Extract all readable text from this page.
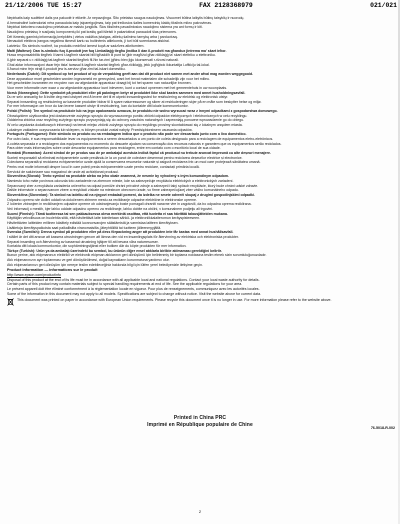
21/12/2006 TUE 15:27	FAX 2128368979	021/021
Nepirkatis kaip sudėtinė dalis yra pakuotė ir etiketė. Ar nepavojinga. Šito prietaiso saugus naudojimas. Visuomet būtina laikytis būtinų taisyklių ir nuorodų.
A hemaindinė kalendoriai nėra panaudota kaip įsipareigojimas, taip pat trečiosios šalies komercinių klaidų tikslinis mikro pakrovimas.
Nepirkai kiekvieno naudojimo prietaisas ar maisto jungiklis. Šios tikslinės pavadintosios naudojimo sistema yra ant formų ir kiti.
Naudojimo prietaisų ir susijusių komponentų iki pat kraštų gali išleisti ir pakartotinai panaudoti šias priemones.
Dėl išmestų gaminių informaciją kreipkitės į vietos valdžios įstaigas, atliekų šalinimo tarnybą arba į parduotuvę.
Nenaudoti elektros įrangos negalima išmesti kartu su buitinėmis atliekomis, ji turi būti surenkama atskirai.
Latviešu: Šis simbols nozīmē, ka produktu nedrīkst izmest kopā ar sadzīves atkritumiem.
Malti (Maltese): Dan is-simbolu fuq il-prodott jew fuq l-imballaġġ tiegħu jindika li dan il-prodott ma għandux jintrema ma' skart ieħor.
Huwa responsabbiltà tiegħek li tarmi t-tagħmir skartat billi tgħaddih lil punt ta' ġbir magħżul għar-riċiklaġġ ta' skart elettriku u elettroniku.
Il-ġbir separat u r-riċiklaġġ tat-tagħmir skartat tiegħek fil-ħin tar-rimi jgħinu biex jiġu kkonservati r-riżorsi naturali.
Ghal aktar informazzjoni dwar fejn tista' twassal it-tagħmir skartat tiegħek għar-riċiklaġġ, jekk jogħġbok ikkuntattja l-uffiċċju tal-lokal.
Il-ħanut minn fejn xtrajt il-prodott jew is-servizz għar-rimi tal-iskart domestiku.
Nederlands (Dutch): Dit symbool op het product of op de verpakking geeft aan dat dit product niet samen met ander afval mag worden weggegooid.
Deze apparatuur moet gescheiden worden ingezameld en gerecycled, want het bevat materialen die schadelijk zijn voor het milieu.
Het gescheiden inzamelen en recyclen van uw afgedankte apparatuur draagt bij tot het sparen van natuurlijke bronnen.
Voor meer informatie over waar u uw afgedankte apparatuur kunt inleveren, kunt u contact opnemen met het gemeentehuis in uw woonplaats.
Norsk (Norwegian): Dette symbolet på produktet eller på pakningen betyr at produktet ikke skal kastes sammen med annet husholdningsavfall.
Du er selv ansvarlig for å kvitte deg med utstyret ved å levere det til et utpekt innsamlingssted for resirkulering av elektrisk og elektronisk utstyr.
Separat innsamling og resirkulering av kasserte produkter bidrar til å spare naturressurser og sikrer at resirkuleringen skjer på en måte som beskytter helse og miljø.
For mer informasjon om hvor du kan levere kassert utstyr til resirkulering, kan du kontakte ditt lokale kommunekontor.
Polski (Polish): Ten symbol na produkcie lub na jego opakowaniu oznacza, że produktu nie wolno wyrzucać wraz z innymi odpadkami z gospodarstwa domowego.
Obowiązkiem użytkownika jest dostarczenie zużytego sprzętu do wyznaczonego punktu zbiórki odpadów elektrycznych i elektronicznych w celu recyklingu.
Oddzielna zbiórka oraz recykling zużytego sprzętu przyczyniają się do ochrony zasobów naturalnych i zapewniają ponowne wprowadzenie go do obiegu.
W celu uzyskania dodatkowych informacji na temat miejsc zbiórki zużytego sprzętu do recyklingu prosimy skontaktować się z lokalnym urzędem miasta.
Lokalnym zakładem oczyszczania lub sklepem, w którym produkt został nabyty. Przedsiębiorstwem usuwania odpadów.
Português (Portuguese): Este símbolo no produto ou na embalagem indica que o produto não pode ser descartado junto com o lixo doméstico.
Por outro lado, é sua responsabilidade levar os equipamentos a serem descartados a um ponto de coleta designado para a reciclagem de equipamentos eletro-eletrônicos.
A coleta separada e a reciclagem dos equipamentos no momento do descarte ajudam na conservação dos recursos naturais e garantem que os equipamentos serão reciclados.
Para obter mais informações sobre onde descartar equipamentos para reciclagem, entre em contato com o escritório local de sua cidade.
Română (Romanian): Acest simbol de pe produs sau de pe ambalajul acestuia indică faptul că produsul nu trebuie aruncat împreună cu alte deșeuri menajere.
Sunteți responsabil să eliminați echipamentele uzate predându-le la un punct de colectare desemnat pentru reciclarea deșeurilor electrice și electronice.
Colectarea separată și reciclarea echipamentelor uzate ajută la conservarea resurselor naturale și asigură reciclarea într-un mod care protejează sănătatea umană.
Pentru mai multe informații despre locul în care puteți preda echipamentele uzate pentru reciclare, contactați primăria locală.
Serviciul de salubrizare sau magazinul de unde ați achiziționat produsul.
Slovenčina (Slovak): Tento symbol na produkte alebo na jeho obale znamená, že nesmie by vyhodený s iným komunálnym odpadom.
Namiesto toho máte povinnos odovzda toto zariadenie na zbernom mieste, kde sa zabezpečuje recyklácia elektrických a elektronických zariadení.
Separovaný zber a recyklácia zariadenia určeného na odpad pomôže chráni prírodné zdroje a zabezpečí taký spôsob recyklácie, ktorý bude chráni udské zdravie.
Ďalšie informácie o separovanom zbere a recyklácii získate na miestnom obecnom úrade, vo firme zabezpečujúcej zber vášho komunálneho odpadu.
Slovenščina (Slovenian): Ta simbol na izdelku ali na njegovi embalaži pomeni, da izdelka ne smete odvreči skupaj z drugimi gospodinjskimi odpadki.
Odpadno opremo ste dolžni oddati na določenem zbirnem mestu za recikliranje odpadne električne in elektronske opreme.
Z ločenim zbiranjem in recikliranjem odpadne opreme ob odstranjevanju boste pomagali ohraniti naravne vire in zagotovili, da bo odpadna oprema reciklirana.
Več informacij o mestih, kjer lahko oddate odpadno opremo za recikliranje, lahko dobite na občini, v komunalnem podjetju ali trgovini.
Suomi (Finnish): Tämä tuotteessa tai sen pakkauksessa oleva merkintä osoittaa, että tuotetta ei saa hävittää talousjätteiden mukana.
Käyttäjän velvollisuus on huolehtia siitä, että hävitettävä laite toimitetaan sähkö- ja elektroniikkalaiteromun keräyspisteeseen.
Hävitettävien laitteiden erillinen käsittely edistää luonnonvarojen säästämistä ja varmistaa laitteen kierrätyksen.
Lisätietoja kierrätyspaikoista saat paikallisilta viranomaisilta, jäteyhtiöiltä tai tuotteen jälleenmyyjältä.
Svenska (Swedish): Denna symbol på produkten eller på dess förpackning anger att produkten inte får kastas med annat hushållsavfall.
I stället är det ditt ansvar att kassera utrustningen genom att lämna den vid en insamlingsplats för återvinning av elektriska och elektroniska produkter.
Separat insamling och återvinning av kasserad utrustning hjälper till att bevara våra naturresurser.
Kontakta ditt lokala kommunkontor, din sophämtningstjänst eller butiken där du köpte produkten för mer information.
Türkçe (Turkish): Ürün ya da ambalajı üzerindeki bu sembol, bu ürünün diğer evsel atıklarla birlikte atılmaması gerektiğini belirtir.
Bunun yerine, atık ekipmanınızı elektrikli ve elektronik ekipman atıklarının geri dönüşümü için belirlenmiş bir toplama noktasına teslim etmek sizin sorumluluğunuzdadır.
Atık ekipmanınızın ayrı toplanması ve geri dönüştürülmesi, doğal kaynakların korunmasına yardımcı olur.
Atık ekipmanlarınızı geri dönüşüm için nereye teslim edebileceğiniz hakkında bilgi için lütfen yerel belediyenizle iletişime geçin.
Product information — informations sur le produit
http://www.epson.com/productinfo
Disposal of this product at the end of its life must be in accordance with all applicable local and national regulations. Contact your local waste authority for details.
Certain parts of this product may contain materials subject to special handling requirements at end of life. See the applicable regulations for your area.
Le présent appareil doit être éliminé conformément à la réglementation locale en vigueur. Pour plus de renseignements, communiquez avec les autorités locales.
Some of the information in this document may not apply to all models. Specifications are subject to change without notice. Visit the website above for current data.
This document was printed on paper in accordance with European Union requirements. Please recycle this document once it is no longer in use. For more information please refer to the website above.
Printed in China PRC
Imprimé en République populaire de Chine
76-5018-R-002
2
